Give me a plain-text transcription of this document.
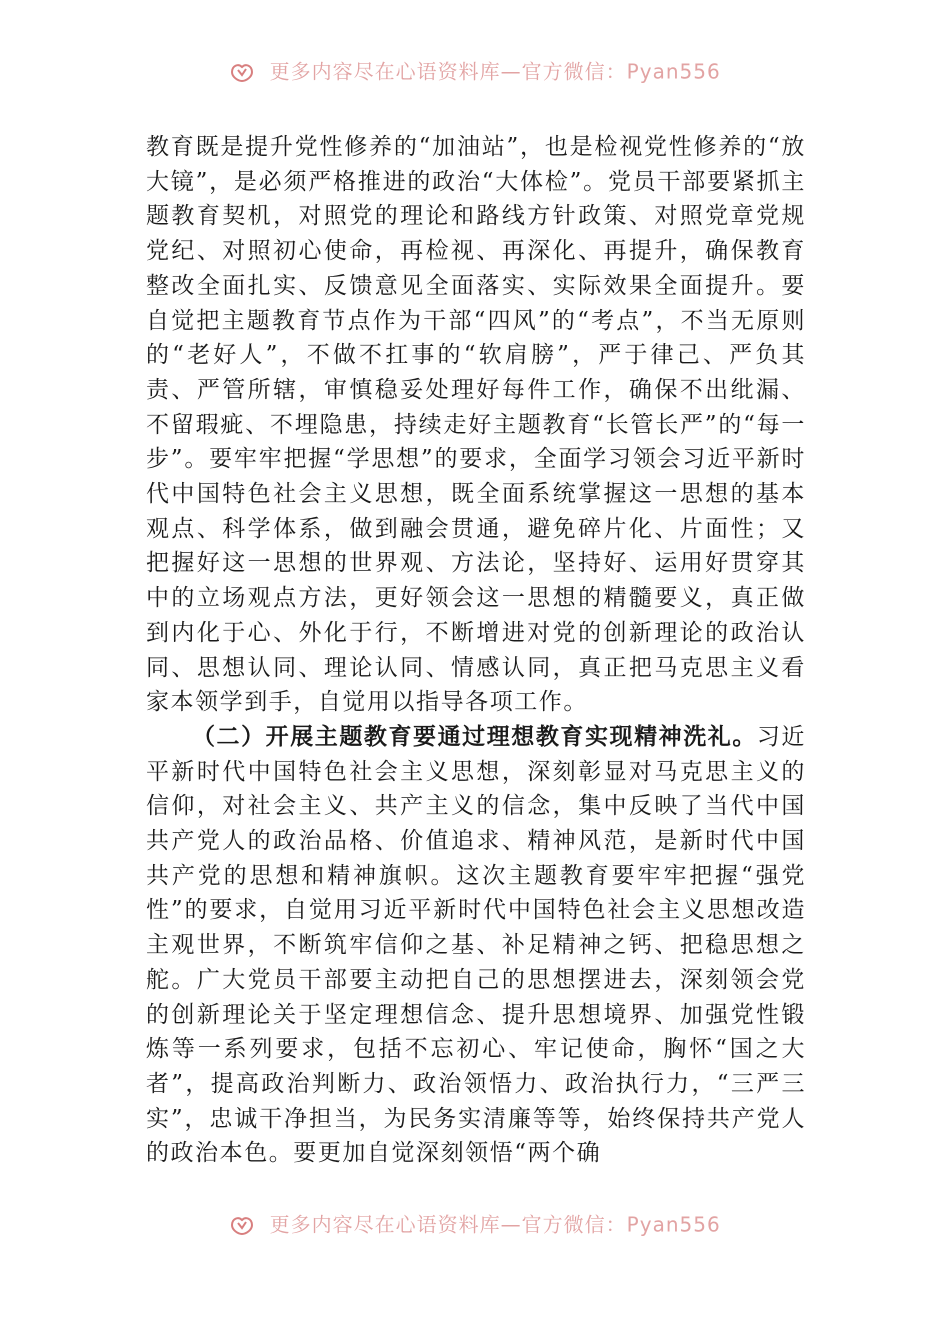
更多内容尽在心语资料库—官方微信：Pyan556

教育既是提升党性修养的“加油站”，也是检视党性修养的“放大镜”，是必须严格推进的政治“大体检”。党员干部要紧抓主题教育契机，对照党的理论和路线方针政策、对照党章党规党纪、对照初心使命，再检视、再深化、再提升，确保教育整改全面扎实、反馈意见全面落实、实际效果全面提升。要自觉把主题教育节点作为干部“四风”的“考点”，不当无原则的“老好人”，不做不扛事的“软肩膀”，严于律己、严负其责、严管所辖，审慎稳妥处理好每件工作，确保不出纰漏、不留瑕疵、不埋隐患，持续走好主题教育“长管长严”的“每一步”。要牢牢把握“学思想”的要求，全面学习领会习近平新时代中国特色社会主义思想，既全面系统掌握这一思想的基本观点、科学体系，做到融会贯通，避免碎片化、片面性；又把握好这一思想的世界观、方法论，坚持好、运用好贯穿其中的立场观点方法，更好领会这一思想的精髓要义，真正做到内化于心、外化于行，不断增进对党的创新理论的政治认同、思想认同、理论认同、情感认同，真正把马克思主义看家本领学到手，自觉用以指导各项工作。

（二）开展主题教育要通过理想教育实现精神洗礼。习近平新时代中国特色社会主义思想，深刻彰显对马克思主义的信仰，对社会主义、共产主义的信念，集中反映了当代中国共产党人的政治品格、价值追求、精神风范，是新时代中国共产党的思想和精神旗帜。这次主题教育要牢牢把握“强党性”的要求，自觉用习近平新时代中国特色社会主义思想改造主观世界，不断筑牢信仰之基、补足精神之钙、把稳思想之舵。广大党员干部要主动把自己的思想摆进去，深刻领会党的创新理论关于坚定理想信念、提升思想境界、加强党性锻炼等一系列要求，包括不忘初心、牢记使命，胸怀“国之大者”，提高政治判断力、政治领悟力、政治执行力，“三严三实”，忠诚干净担当，为民务实清廉等等，始终保持共产党人的政治本色。要更加自觉深刻领悟“两个确

更多内容尽在心语资料库—官方微信：Pyan556
